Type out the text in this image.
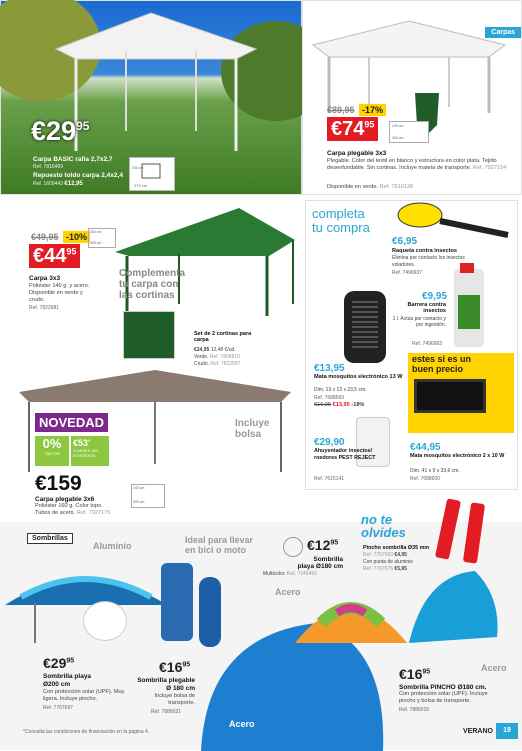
$€29^{95}$
Carpa BASIC rafia 2,7x2,7
Ref. 7816469
Repuesto toldo carpa 2,4x2,4
Ref. 1609443 €12,95	270 cm
240 cm
Carpas
€89,95 -17%
$€74^{95}$
300 cm
100 cm
Carpa plegable 3x3
Plegable. Color del textil en blanco y estructura en color plata. Tejido desenfundable. Sin cortinas. Incluye maleta de transporte. Ref. 7927154
Disponible en verde. Ref. 7610138
€49,95 -10%
$€44^{95}$
300 cm
300 cm
Carpa 3x3
Poliéster 140 g. y acero.
Disponible en verde y
crudo.
Ref. 7822981
Complementa tu carpa con las cortinas
Set de 2 cortinas para carpa
€24,95 12,48 €/ud.
Verde. Ref. 7806810
Crudo. Ref. 7822557
NOVEDAD
0%
TAE/TIN
€53'
3 MESES SIN INTERESES
€159
Carpa plegable 3x6
Poliéster 160 g. Color topo.
Tubos de acero. Ref. 7927175
Incluye bolsa
240 cm
600 cm
completa
tu compra
€6,95
Raqueta contra insectos
Elimina por contacto los insectos voladores.
Ref. 7496937
€9,95
Barrera contra insectos
1 l. Actúa por contacto y por ingestión.
Ref. 7496963
€13,95
Mata mosquitos electrónico 13 W
Dim. 13 x 13 x 23,5 cm.
Ref. 7688569
€16,95 €13,95 -18%
estes si es un
buen precio
€29,90
Ahuyentador insectos/ roedores PEST REJECT
Ref. 7615141
€44,95
Mata mosquitos electrónico 2 x 10 W
Dim. 41 x 9 x 33,6 cm.
Ref. 7688600
Sombrillas
Aluminio
$€29^{95}$
Sombrilla playa
Ø200 cm
Con protección solar (UPF). Muy ligera. Incluye pincho.
Ref. 7767697
Ideal para llevar en bici o moto
$€16^{95}$
Sombrilla plegable
Ø 180 cm
Incluye bolsa de transporte.
Ref. 7886021
Acero
$€12^{95}$
Sombrilla playa Ø180 cm
Multicolor. Ref. 7249450
Acero
no te
olvides
Pincho sombrilla Ø35 mm
Ref. 7767660 €4,95
Con punta de aluminio
Ref. 7767676 €5,95
Acero
$€16^{95}$
Sombrilla PINCHO Ø180 cm.
Con protección solar (UPF). Incluye pincho y bolsa de transporte.
Ref. 7886016
*Consulta las condiciones de financiación en la página 4.	VERANO	19
